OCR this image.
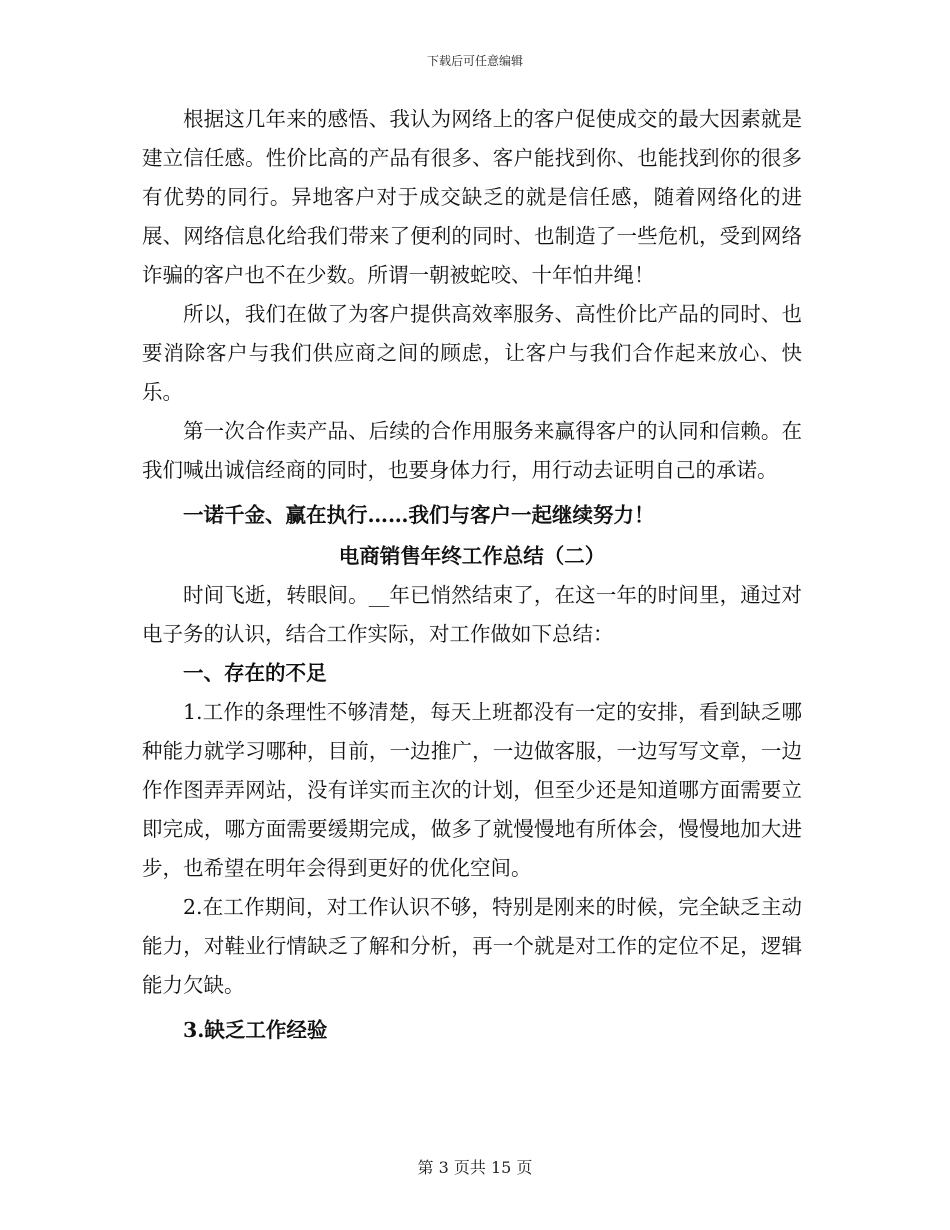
下载后可任意编辑

根据这几年来的感悟、我认为网络上的客户促使成交的最大因素就是建立信任感。性价比高的产品有很多、客户能找到你、也能找到你的很多有优势的同行。异地客户对于成交缺乏的就是信任感，随着网络化的进展、网络信息化给我们带来了便利的同时、也制造了一些危机，受到网络诈骗的客户也不在少数。所谓一朝被蛇咬、十年怕井绳！

所以，我们在做了为客户提供高效率服务、高性价比产品的同时、也要消除客户与我们供应商之间的顾虑，让客户与我们合作起来放心、快乐。

第一次合作卖产品、后续的合作用服务来赢得客户的认同和信赖。在我们喊出诚信经商的同时，也要身体力行，用行动去证明自己的承诺。

一诺千金、赢在执行……我们与客户一起继续努力！

电商销售年终工作总结（二）

时间飞逝，转眼间。__年已悄然结束了，在这一年的时间里，通过对电子务的认识，结合工作实际，对工作做如下总结：

一、存在的不足

1.工作的条理性不够清楚，每天上班都没有一定的安排，看到缺乏哪种能力就学习哪种，目前，一边推广，一边做客服，一边写写文章，一边作作图弄弄网站，没有详实而主次的计划，但至少还是知道哪方面需要立即完成，哪方面需要缓期完成，做多了就慢慢地有所体会，慢慢地加大进步，也希望在明年会得到更好的优化空间。

2.在工作期间，对工作认识不够，特别是刚来的时候，完全缺乏主动能力，对鞋业行情缺乏了解和分析，再一个就是对工作的定位不足，逻辑能力欠缺。

3.缺乏工作经验

第 3 页共 15 页
